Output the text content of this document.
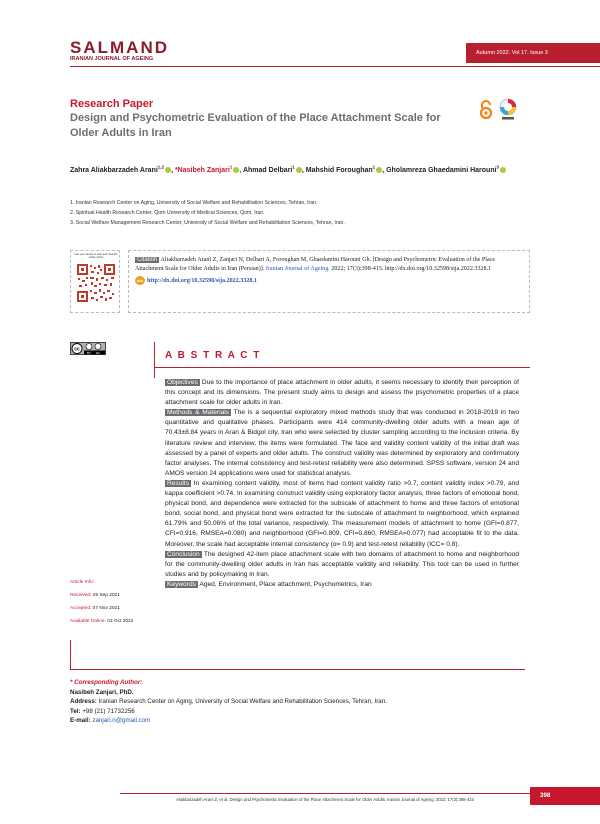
SALMAND
IRANIAN JOURNAL OF AGEING
Autumn 2022. Vol 17. Issue 3
Research Paper
Design and Psychometric Evaluation of the Place Attachment Scale for Older Adults in Iran
Zahra Aliakbarzadeh Arani$^{1,2}$ , *Nasibeh Zanjari$^1$ , Ahmad Delbari$^1$ , Mahshid Foroughan$^1$ , Gholamreza Ghaedamini Harouni$^3$
1. Iranian Research Center on Aging, University of Social Welfare and Rehabilitation Sciences, Tehran, Iran.
2. Spiritual Health Research Center, Qom University of Medical Sciences, Qom, Iran.
3. Social Welfare Management Research Center, University of Social Welfare and Rehabilitation Sciences, Tehran, Iran.
Use your device to scan and read the article online	Citation Aliakbarzadeh Arani Z, Zanjari N, Delbari A, Foroughan M, Ghaedamini Harouni Gh. [Design and Psychometric Evaluation of the Place Attachment Scale for Older Adults in Iran (Persian)]. Iranian Journal of Ageing. 2022; 17(3):398-415. http://dx.doi.org/10.32598/sija.2022.3328.1
doi http://dx.doi.org/10.32598/sija.2022.3328.1
cc
BY NC	A B S T R A C T

Objectives Due to the importance of place attachment in older adults, it seems necessary to identify their perception of this concept and its dimensions. The present study aims to design and assess the psychometric properties of a place attachment scale for older adults in Iran.

Methods & Materials The is a sequential exploratory mixed methods study that was conducted in 2018-2019 in two quantitative and qualitative phases. Participants were 414 community-dwelling older adults with a mean age of 70.43±8.84 years in Aran & Bidgol city, Iran who were selected by cluster sampling according to the inclusion criteria. By literature review and interview, the items were formulated. The face and validity content validity of the initial draft was assessed by a panel of experts and older adults. The construct validity was determined by exploratory and confirmatory factor analyses. The internal consistency and test-retest reliability were also determined. SPSS software, version 24 and AMOS version 24 applications were used for statistical analysis.

Results In examining content validity, most of items had content validity ratio >0.7, content validity index >0.79, and kappa coefficient >0.74. In examining construct validity using exploratory factor analysis, three factors of emotional bond, physical bond, and dependence were extracted for the subscale of attachment to home and three factors of emotional bond, social bond, and physical bond were extracted for the subscale of attachment to neighborhood, which explained 61.79% and 50.06% of the total variance, respectively. The measurement models of attachment to home (GFI=0.877, CFI=0.916, RMSEA=0.080) and neighborhood (GFI=0.809, CFI=0.860, RMSEA=0.077) had acceptable fit to the data. Moreover, the scale had acceptable internal consistency (α= 0.9) and test-retest reliability (ICC= 0.8).

Conclusion The designed 42-item place attachment scale with two domains of attachment to home and neighborhood for the community-dwelling older adults in Iran has acceptable validity and reliability. This tool can be used in further studies and by policymaking in Iran.

Keywords Aged, Environment, Place attachment, Psychometrics, Iran

Article Info:
Received: 29 Sep 2021
Accepted: 07 Nov 2021
Available Online: 01 Oct 2022
* Corresponding Author:
Nasibeh Zanjari, PhD.
Address: Iranian Research Center on Aging, University of Social Welfare and Rehabilitation Sciences, Tehran, Iran.
Tel: +98 (21) 71732256
E-mail: zanjari.n@gmail.com
Aliakbarzadeh Arani Z, et al. Design and Psychometric Evaluation of the Place Attachment Scale for Older Adults. Iranian Journal of Ageing. 2022; 17(3):398-415
398
